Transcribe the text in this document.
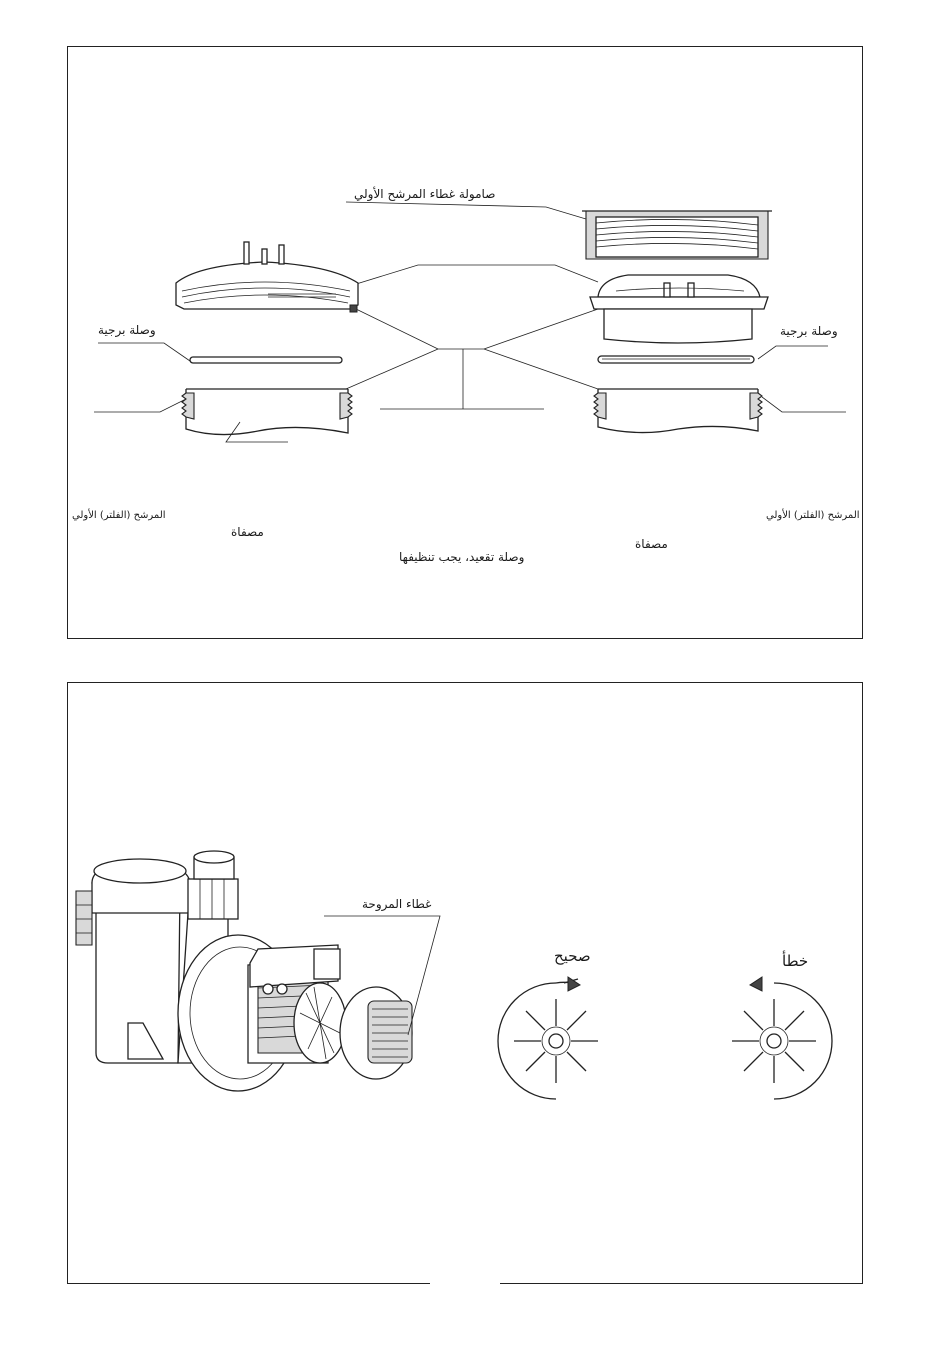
صامولة غطاء المرشح الأولي
وصلة برجية	وصلة برجية
المرشح (الفلتر) الأولي	المرشح (الفلتر) الأولي
مصفاة
مصفاة
وصلة تقعيد، يجب تنظيفها
غطاء المروحة
صحيح	خطأ
